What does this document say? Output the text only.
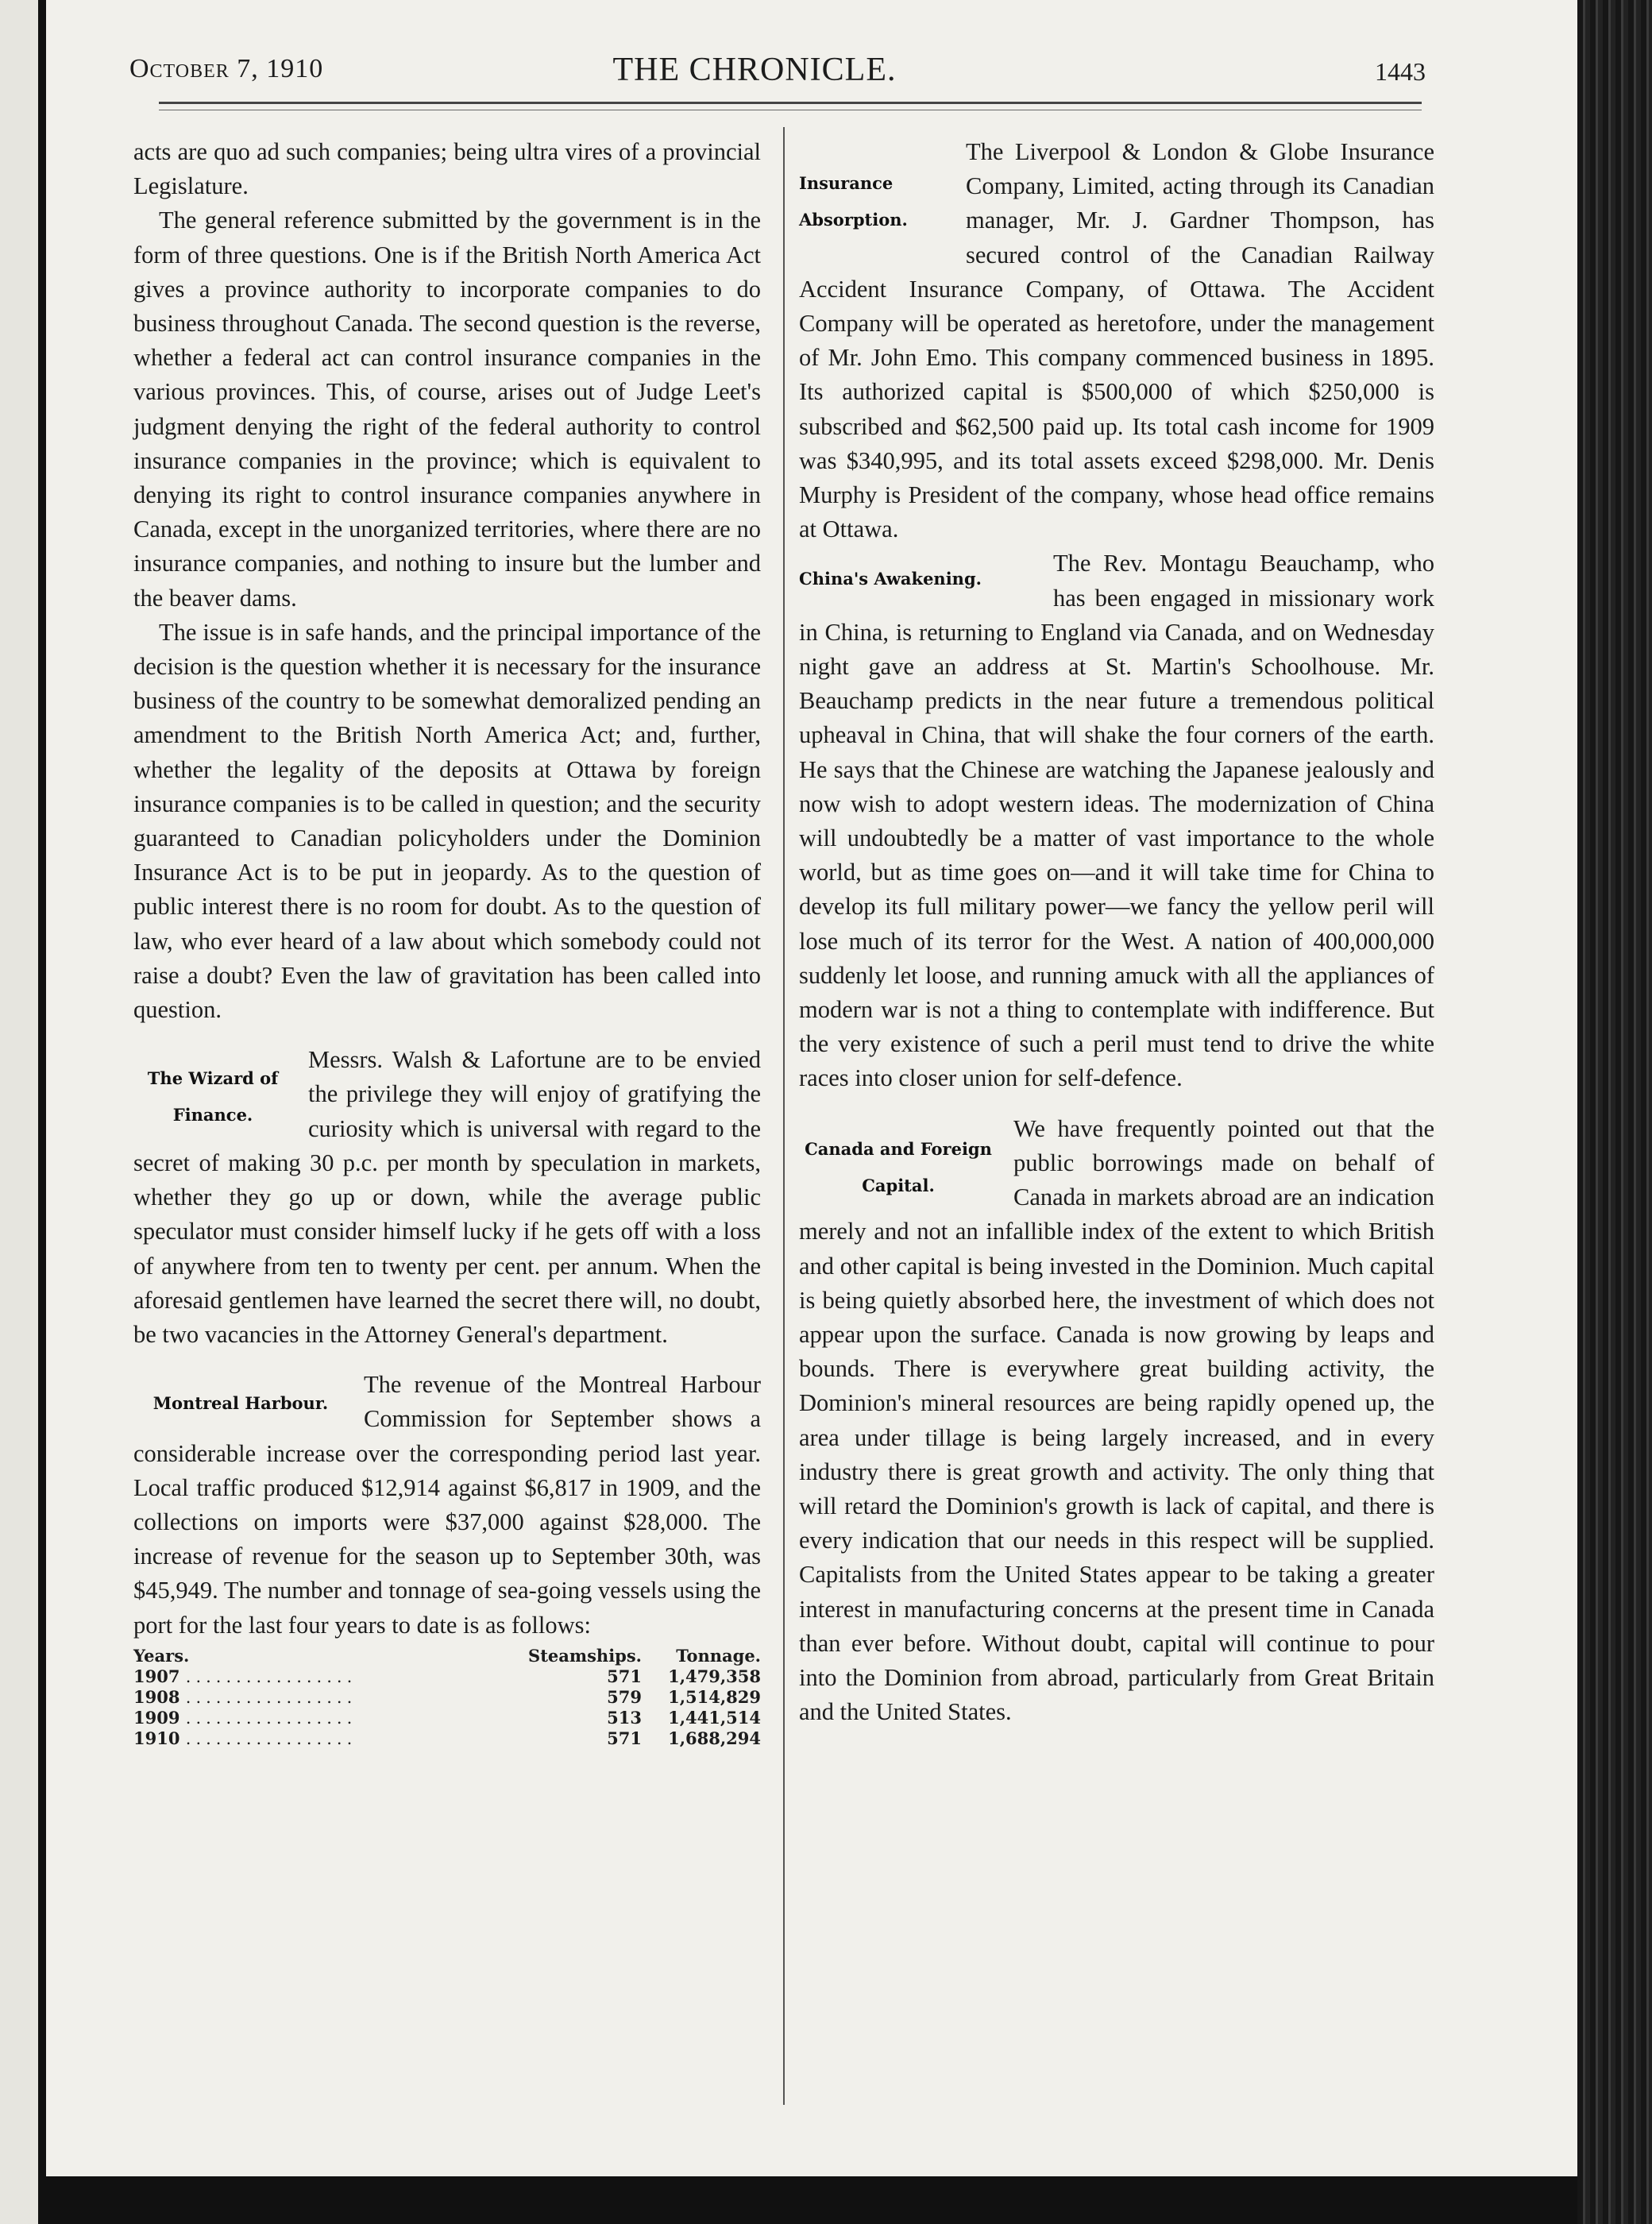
October 7, 1910	THE CHRONICLE.	1443

acts are quo ad such companies; being ultra vires of a provincial Legislature.

The general reference submitted by the government is in the form of three questions. One is if the British North America Act gives a province authority to incorporate companies to do business throughout Canada. The second question is the reverse, whether a federal act can control insurance companies in the various provinces. This, of course, arises out of Judge Leet's judgment denying the right of the federal authority to control insurance companies in the province; which is equivalent to denying its right to control insurance companies anywhere in Canada, except in the unorganized territories, where there are no insurance companies, and nothing to insure but the lumber and the beaver dams.

The issue is in safe hands, and the principal importance of the decision is the question whether it is necessary for the insurance business of the country to be somewhat demoralized pending an amendment to the British North America Act; and, further, whether the legality of the deposits at Ottawa by foreign insurance companies is to be called in question; and the security guaranteed to Canadian policyholders under the Dominion Insurance Act is to be put in jeopardy. As to the question of public interest there is no room for doubt. As to the question of law, who ever heard of a law about which somebody could not raise a doubt? Even the law of gravitation has been called into question.

The Wizard of Finance.

Messrs. Walsh & Lafortune are to be envied the privilege they will enjoy of gratifying the curiosity which is universal with regard to the secret of making 30 p.c. per month by speculation in markets, whether they go up or down, while the average public speculator must consider himself lucky if he gets off with a loss of anywhere from ten to twenty per cent. per annum. When the aforesaid gentlemen have learned the secret there will, no doubt, be two vacancies in the Attorney General's department.

Montreal Harbour.

The revenue of the Montreal Harbour Commission for September shows a considerable increase over the corresponding period last year. Local traffic produced $12,914 against $6,817 in 1909, and the collections on imports were $37,000 against $28,000. The increase of revenue for the season up to September 30th, was $45,949. The number and tonnage of sea-going vessels using the port for the last four years to date is as follows:

Years.	Steamships.	Tonnage.
1907 .................	571	1,479,358
1908 .................	579	1,514,829
1909 .................	513	1,441,514
1910 .................	571	1,688,294
Insurance Absorption.

The Liverpool & London & Globe Insurance Company, Limited, acting through its Canadian manager, Mr. J. Gardner Thompson, has secured control of the Canadian Railway Accident Insurance Company, of Ottawa. The Accident Company will be operated as heretofore, under the management of Mr. John Emo. This company commenced business in 1895. Its authorized capital is $500,000 of which $250,000 is subscribed and $62,500 paid up. Its total cash income for 1909 was $340,995, and its total assets exceed $298,000. Mr. Denis Murphy is President of the company, whose head office remains at Ottawa.

China's Awakening.

The Rev. Montagu Beauchamp, who has been engaged in missionary work in China, is returning to England via Canada, and on Wednesday night gave an address at St. Martin's Schoolhouse. Mr. Beauchamp predicts in the near future a tremendous political upheaval in China, that will shake the four corners of the earth. He says that the Chinese are watching the Japanese jealously and now wish to adopt western ideas. The modernization of China will undoubtedly be a matter of vast importance to the whole world, but as time goes on—and it will take time for China to develop its full military power—we fancy the yellow peril will lose much of its terror for the West. A nation of 400,000,000 suddenly let loose, and running amuck with all the appliances of modern war is not a thing to contemplate with indifference. But the very existence of such a peril must tend to drive the white races into closer union for self-defence.

Canada and Foreign Capital.

We have frequently pointed out that the public borrowings made on behalf of Canada in markets abroad are an indication merely and not an infallible index of the extent to which British and other capital is being invested in the Dominion. Much capital is being quietly absorbed here, the investment of which does not appear upon the surface. Canada is now growing by leaps and bounds. There is everywhere great building activity, the Dominion's mineral resources are being rapidly opened up, the area under tillage is being largely increased, and in every industry there is great growth and activity. The only thing that will retard the Dominion's growth is lack of capital, and there is every indication that our needs in this respect will be supplied. Capitalists from the United States appear to be taking a greater interest in manufacturing concerns at the present time in Canada than ever before. Without doubt, capital will continue to pour into the Dominion from abroad, particularly from Great Britain and the United States.
